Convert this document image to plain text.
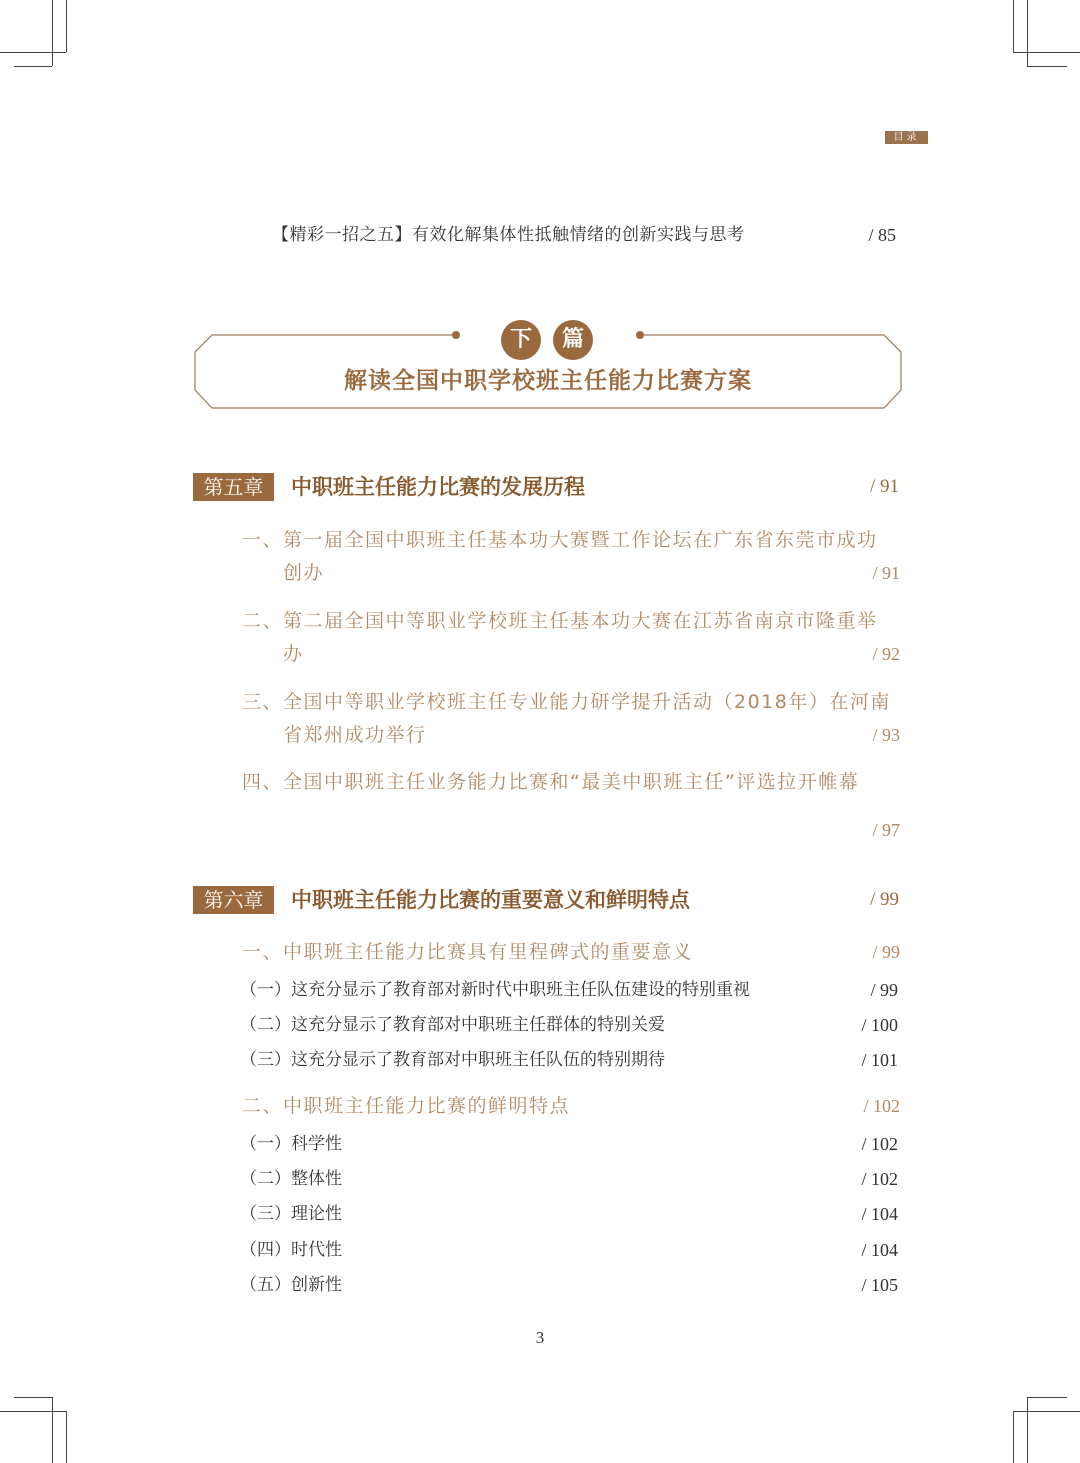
目录
【精彩一招之五】有效化解集体性抵触情绪的创新实践与思考	/ 85
下	篇
解读全国中职学校班主任能力比赛方案
第五章	中职班主任能力比赛的发展历程	/ 91
一、 第一届全国中职班主任基本功大赛暨工作论坛在广东省东莞市成功
创办	/ 91
二、 第二届全国中等职业学校班主任基本功大赛在江苏省南京市隆重举
办	/ 92
三、 全国中等职业学校班主任专业能力研学提升活动（2018年）在河南
省郑州成功举行	/ 93
四、 全国中职班主任业务能力比赛和“最美中职班主任”评选拉开帷幕
/ 97
第六章	中职班主任能力比赛的重要意义和鲜明特点	/ 99
一、中职班主任能力比赛具有里程碑式的重要意义	/ 99
（一）这充分显示了教育部对新时代中职班主任队伍建设的特别重视	/ 99
（二）这充分显示了教育部对中职班主任群体的特别关爱	/ 100
（三）这充分显示了教育部对中职班主任队伍的特别期待	/ 101
二、中职班主任能力比赛的鲜明特点	/ 102
（一）科学性	/ 102
（二）整体性	/ 102
（三）理论性	/ 104
（四）时代性	/ 104
（五）创新性	/ 105
3
